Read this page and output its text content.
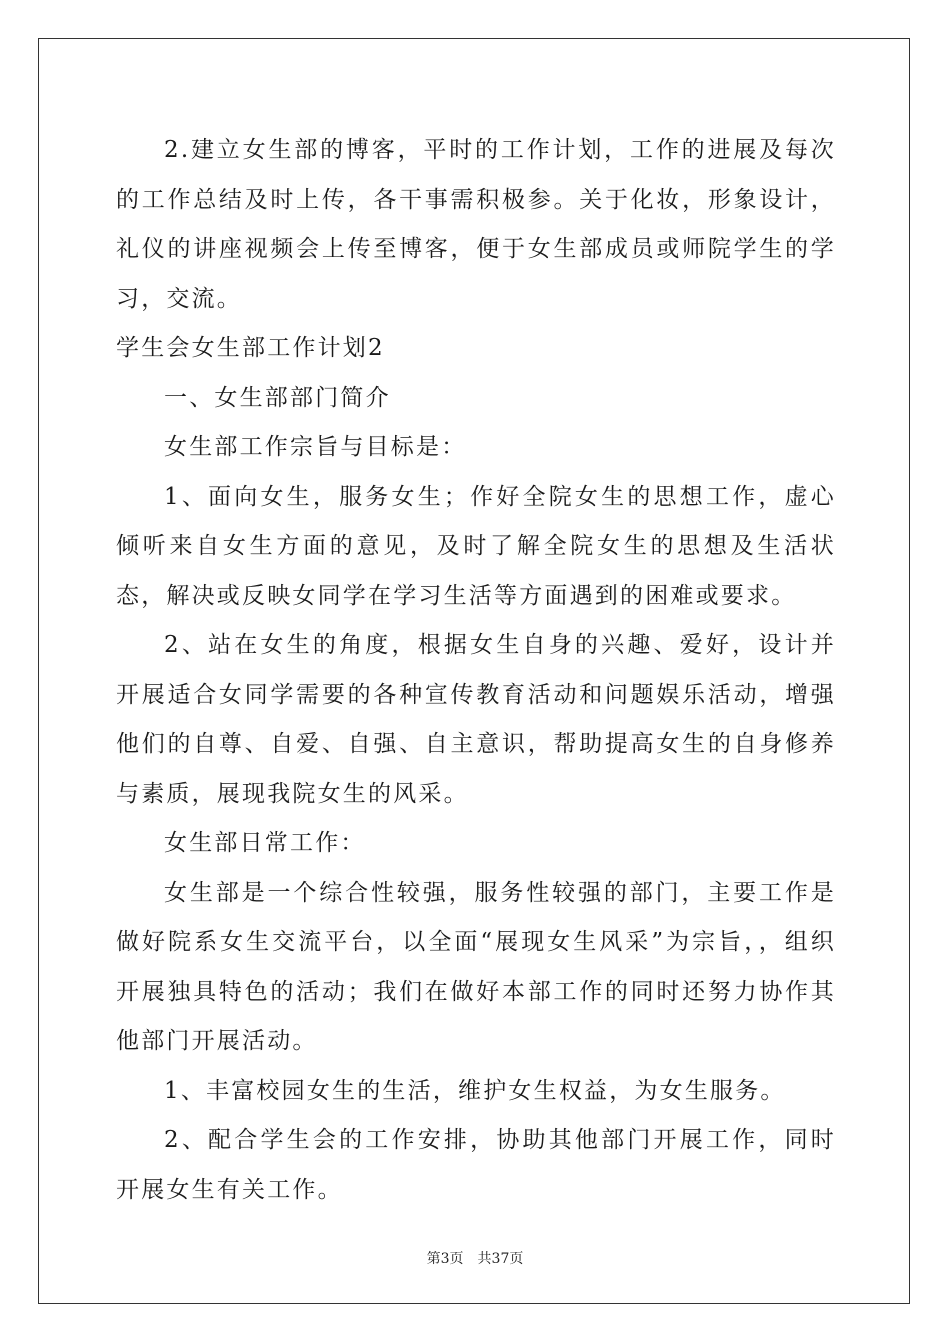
2.建立女生部的博客，平时的工作计划，工作的进展及每次的工作总结及时上传，各干事需积极参。关于化妆，形象设计，礼仪的讲座视频会上传至博客，便于女生部成员或师院学生的学习，交流。

学生会女生部工作计划2

一、女生部部门简介

女生部工作宗旨与目标是：

1、面向女生，服务女生；作好全院女生的思想工作，虚心倾听来自女生方面的意见，及时了解全院女生的思想及生活状态，解决或反映女同学在学习生活等方面遇到的困难或要求。

2、站在女生的角度，根据女生自身的兴趣、爱好，设计并开展适合女同学需要的各种宣传教育活动和问题娱乐活动，增强他们的自尊、自爱、自强、自主意识，帮助提高女生的自身修养与素质，展现我院女生的风采。

女生部日常工作：

女生部是一个综合性较强，服务性较强的部门，主要工作是做好院系女生交流平台，以全面“展现女生风采”为宗旨，，组织开展独具特色的活动；我们在做好本部工作的同时还努力协作其他部门开展活动。

1、丰富校园女生的生活，维护女生权益，为女生服务。

2、配合学生会的工作安排，协助其他部门开展工作，同时开展女生有关工作。

第3页 共37页
